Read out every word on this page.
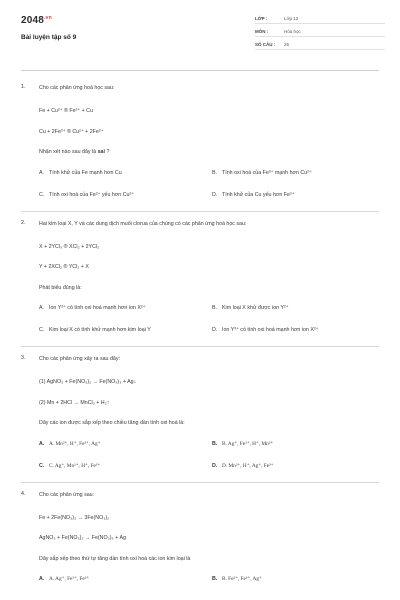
$2048^{.vn}$
Bài luyện tập số 9
LỚP :	Lớp 12
MÔN :	Hóa học
SỐ CÂU : 25
1.	Cho các phản ứng hoá học sau:
Fe + Cu²⁺ ® Fe²⁺ + Cu
Cu + 2Fe³⁺ ® Cu²⁺ + 2Fe²⁺
Nhận xét nào sau đây là sai ?
A. Tính khử của Fe mạnh hơn Cu	B. Tính oxi hoá của Fe³⁺ mạnh hơn Cu²⁺
C. Tính oxi hoá của Fe²⁺ yếu hơn Cu²⁺	D. Tính khử của Cu yếu hơn Fe²⁺
2.	Hai kim loại X, Y và các dung dịch muối clorua của chúng có các phản ứng hoá học sau:
X + 2YCl₃ ® XCl₂ + 2YCl₂
Y + 2XCl₂ ® YCl₂ + X
Phát biểu đúng là:
A. Ion Y²⁺ có tính oxi hoá mạnh hơn ion X²⁺	B. Kim loại X khử được ion Y²⁺
C. Kim loại X có tính khử mạnh hơn kim loại Y	D. Ion Y³⁺ có tính oxi hoá mạnh hơn ion X²⁺
3.	Cho các phản ứng xảy ra sau đây:
(1) AgNO₃ + Fe(NO₃)₂ → Fe(NO₃)₃ + Ag↓
(2) Mn + 2HCl → MnCl₂ + H₂↑
Dãy các ion được sắp xếp theo chiều tăng dần tính oxi hoá là:
A. A. Mn²⁺, H⁺, Fe³⁺, Ag⁺	B. B. Ag⁺, Fe³⁺, H⁺, Mn²⁺
C. C. Ag⁺, Mn²⁺, H⁺, Fe³⁺	D. D. Mn²⁺, H⁺, Ag⁺, Fe³⁺
4.	Cho các phản ứng sau:
Fe + 2Fe(NO₃)₃ → 3Fe(NO₃)₂
AgNO₃ + Fe(NO₃)₂ → Fe(NO₃)₃ + Ag
Dãy sắp xếp theo thứ tự tăng dần tính oxi hoá các ion kim loại là
A. A. Ag⁺, Fe³⁺, Fe²⁺	B. B. Fe²⁺, Fe³⁺, Ag⁺
